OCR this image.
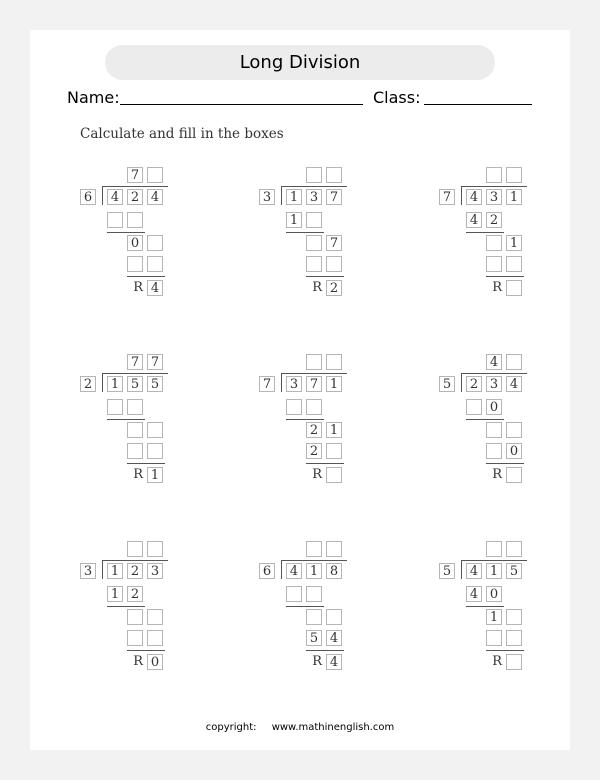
Long Division
Name:	Class:
Calculate and fill in the boxes
7
6 4 2 4
0
R 4
3 1 3 7
1
7
R 2
7 4 3 1
4 2
1
R
7 7
2 1 5 5
R 1
7 3 7 1
2 1
2
R
4
5 2 3 4
0
0
R
3 1 2 3
1 2
R 0
6 4 1 8
5 4
R 4
5 4 1 5
4 0
1
R
copyright: www.mathinenglish.com
